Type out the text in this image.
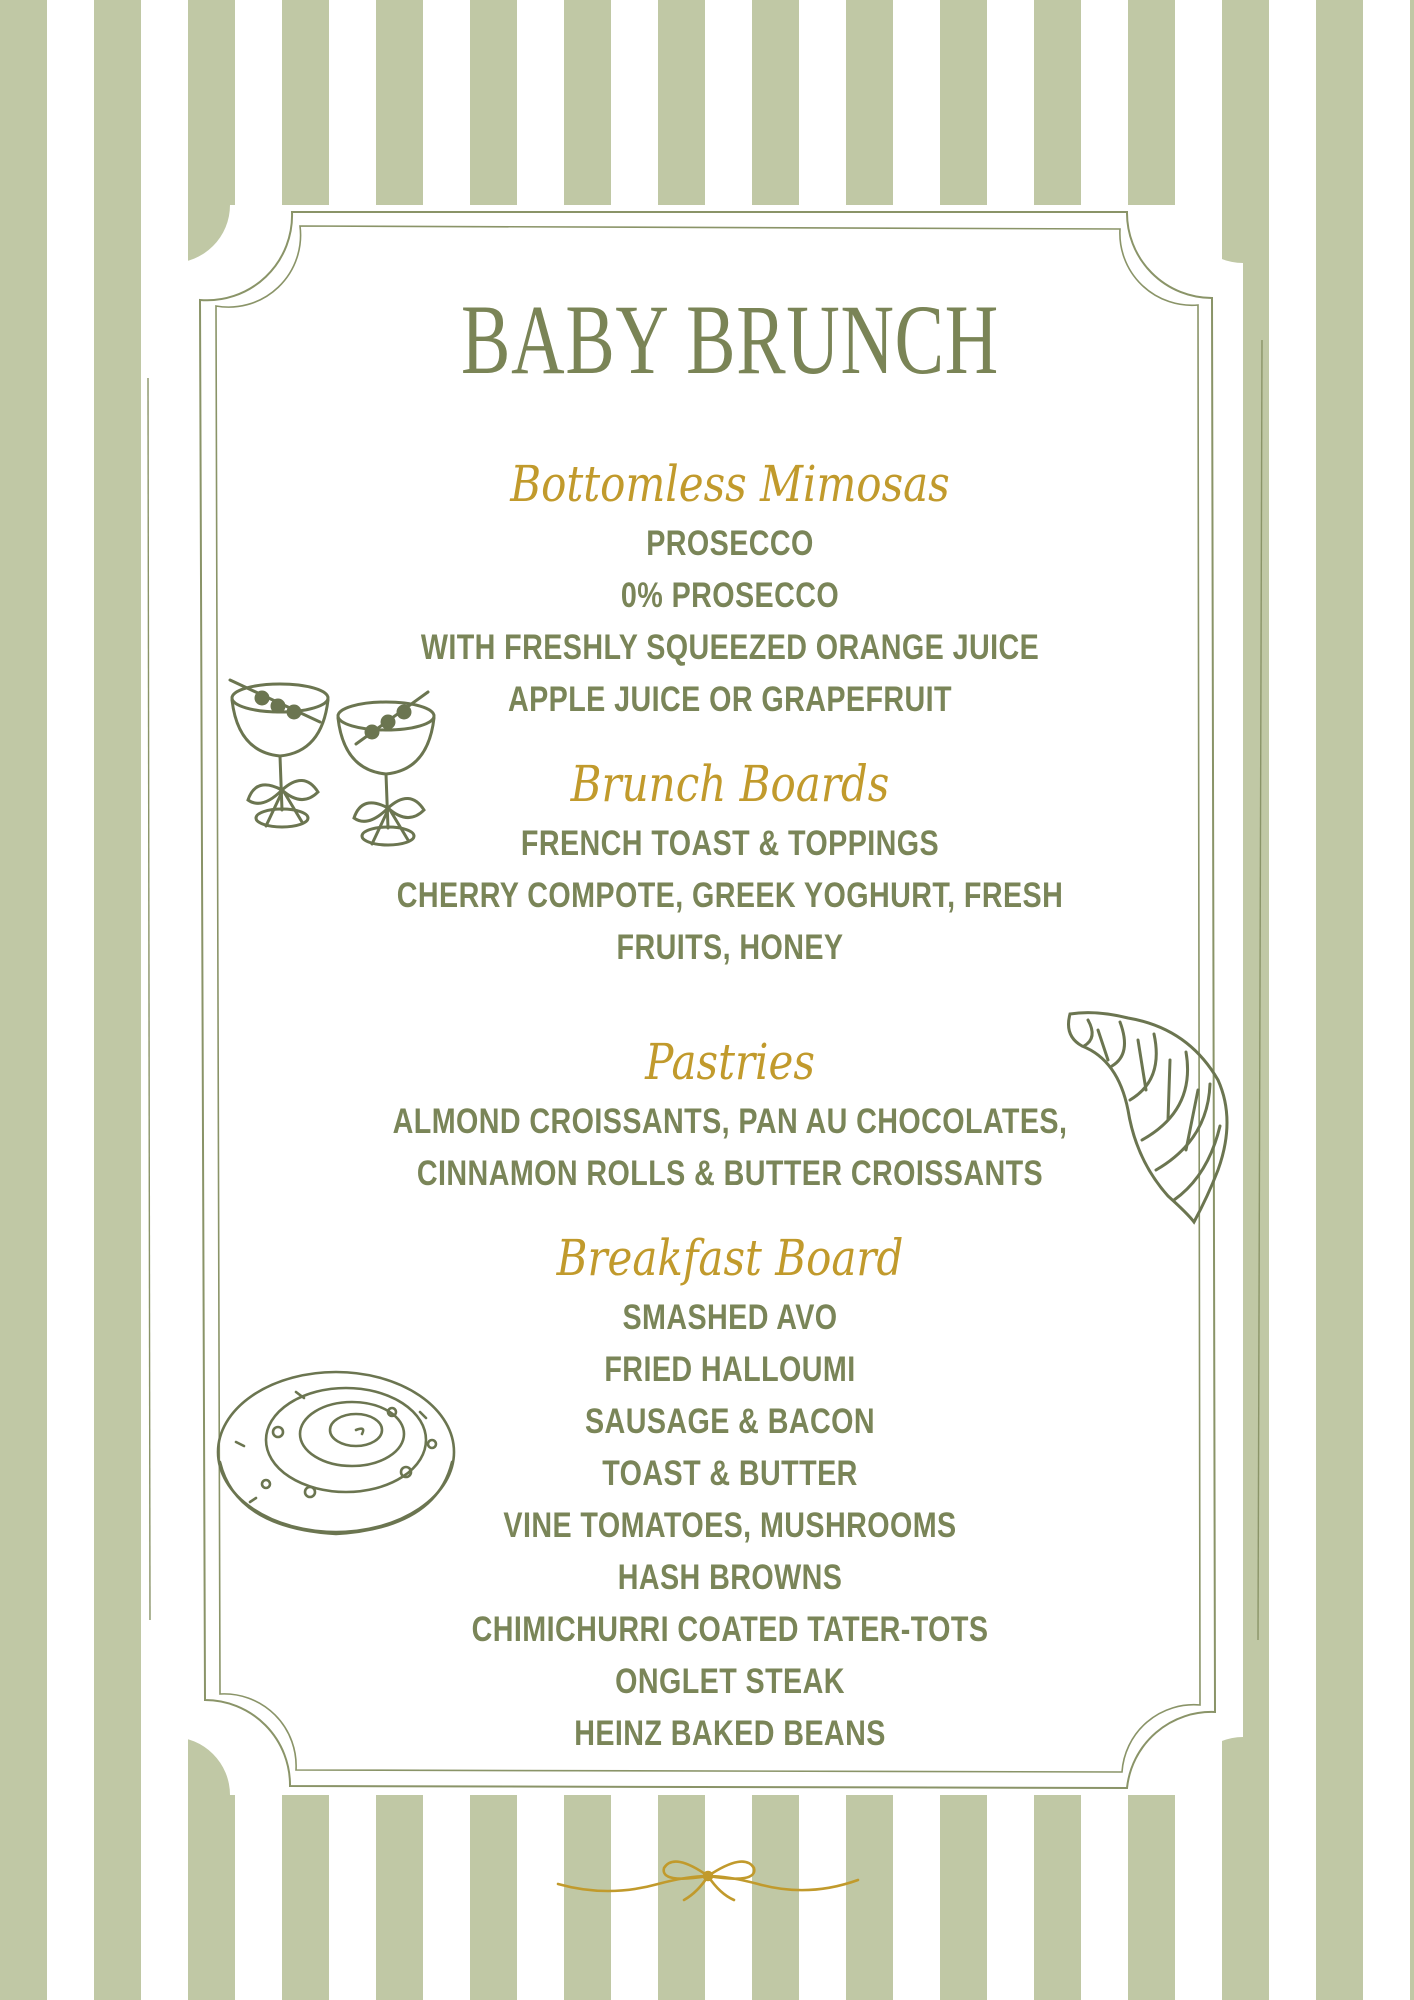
BABY BRUNCH
Bottomless Mimosas
PROSECCO
0% PROSECCO
WITH FRESHLY SQUEEZED ORANGE JUICE
APPLE JUICE OR GRAPEFRUIT
Brunch Boards
FRENCH TOAST & TOPPINGS
CHERRY COMPOTE, GREEK YOGHURT, FRESH
FRUITS, HONEY
Pastries
ALMOND CROISSANTS, PAN AU CHOCOLATES,
CINNAMON ROLLS & BUTTER CROISSANTS
Breakfast Board
SMASHED AVO
FRIED HALLOUMI
SAUSAGE & BACON
TOAST & BUTTER
VINE TOMATOES, MUSHROOMS
HASH BROWNS
CHIMICHURRI COATED TATER-TOTS
ONGLET STEAK
HEINZ BAKED BEANS
